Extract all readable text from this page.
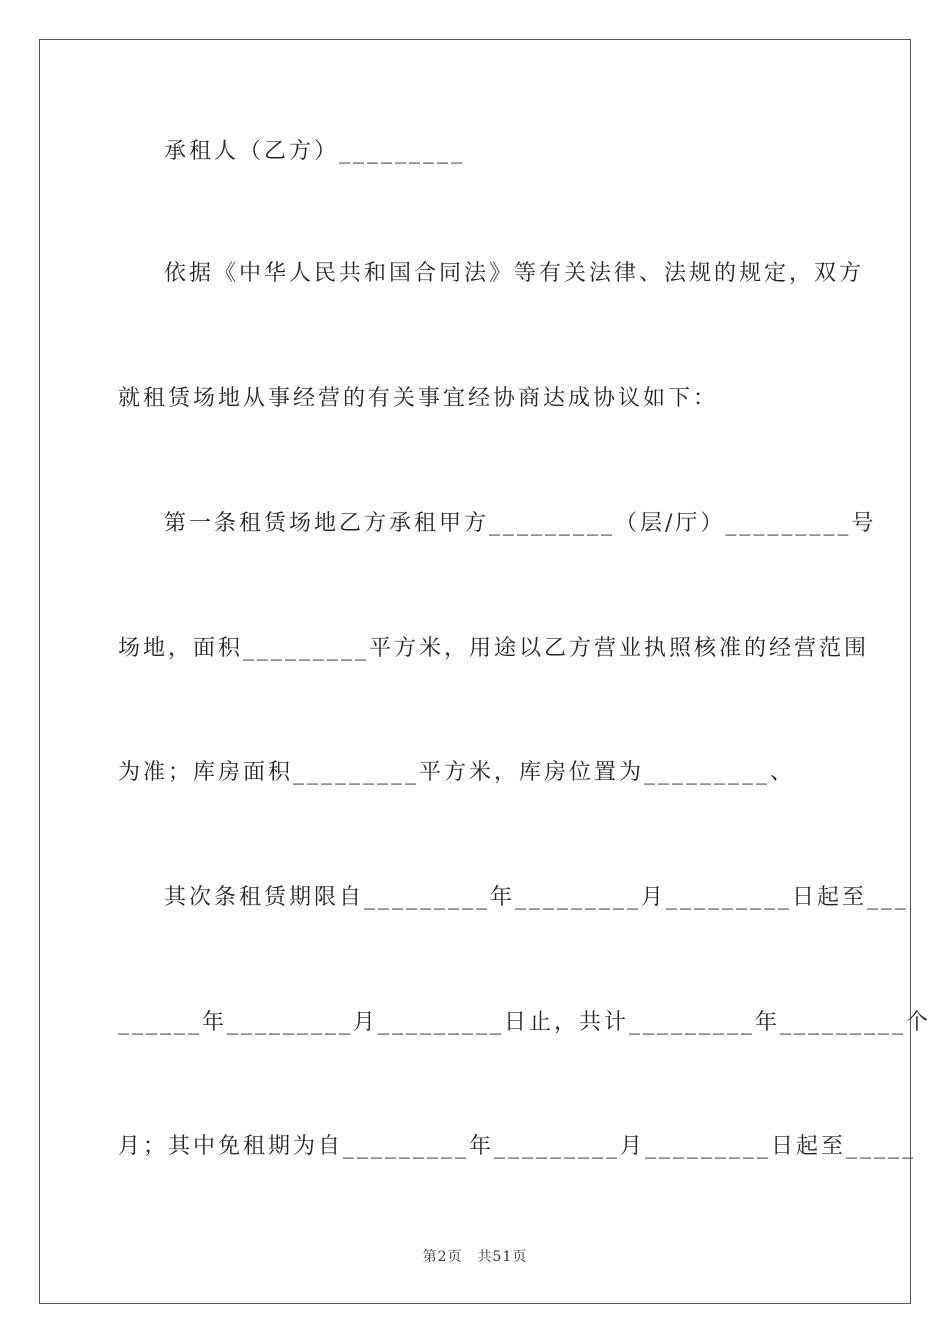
承租人（乙方）_________
依据《中华人民共和国合同法》等有关法律、法规的规定，双方
就租赁场地从事经营的有关事宜经协商达成协议如下：
第一条租赁场地乙方承租甲方_________（层/厅）_________号
场地，面积_________平方米，用途以乙方营业执照核准的经营范围
为准；库房面积_________平方米，库房位置为_________、
其次条租赁期限自_________年_________月_________日起至___
______年_________月_________日止，共计_________年_________个
月；其中免租期为自_________年_________月_________日起至_____
第2页　共51页
